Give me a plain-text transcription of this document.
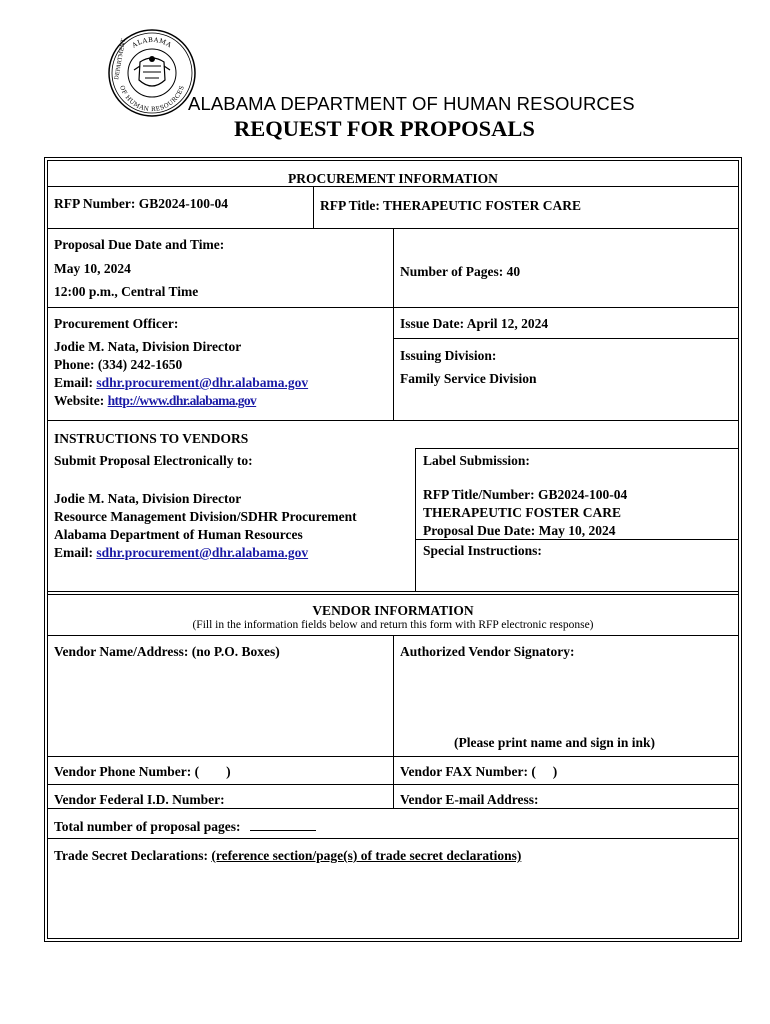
ALABAMA
OF HUMAN RESOURCES
DEPARTMENT
ALABAMA DEPARTMENT OF HUMAN RESOURCES
REQUEST FOR PROPOSALS
PROCUREMENT INFORMATION
RFP Number: GB2024-100-04	RFP Title: THERAPEUTIC FOSTER CARE
Proposal Due Date and Time:
May 10, 2024
12:00 p.m., Central Time
Number of Pages: 40
Procurement Officer:
Jodie M. Nata, Division Director
Phone: (334) 242-1650
Email: sdhr.procurement@dhr.alabama.gov
Website: http://www.dhr.alabama.gov
Issue Date: April 12, 2024
Issuing Division:
Family Service Division
INSTRUCTIONS TO VENDORS
Submit Proposal Electronically to:
Jodie M. Nata, Division Director
Resource Management Division/SDHR Procurement
Alabama Department of Human Resources
Email: sdhr.procurement@dhr.alabama.gov
Label Submission:
RFP Title/Number: GB2024-100-04
THERAPEUTIC FOSTER CARE
Proposal Due Date: May 10, 2024
Special Instructions:
VENDOR INFORMATION
(Fill in the information fields below and return this form with RFP electronic response)
Vendor Name/Address: (no P.O. Boxes)	Authorized Vendor Signatory:
(Please print name and sign in ink)
Vendor Phone Number: (        )	Vendor FAX Number: (     )
Vendor Federal I.D. Number:	Vendor E-mail Address:
Total number of proposal pages:
Trade Secret Declarations: (reference section/page(s) of trade secret declarations)
